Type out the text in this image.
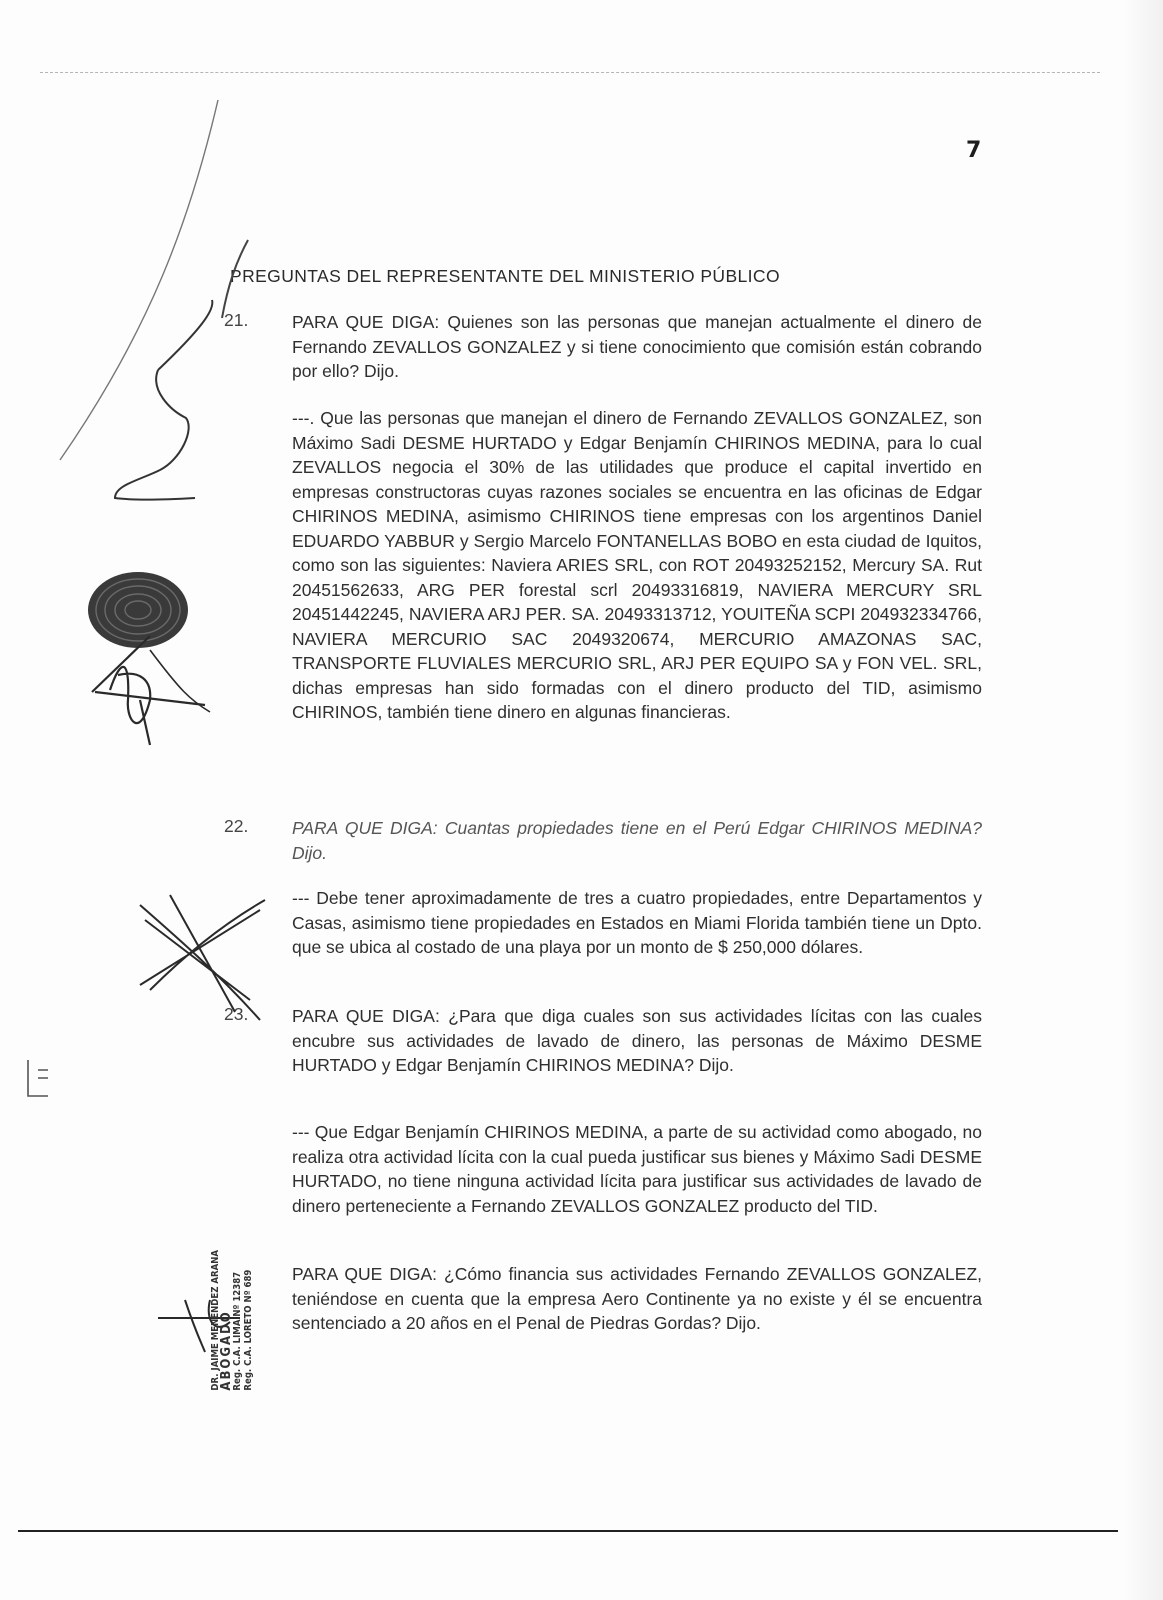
7
PREGUNTAS DEL REPRESENTANTE DEL MINISTERIO PÚBLICO
21. PARA QUE DIGA: Quienes son las personas que manejan actualmente el dinero de Fernando ZEVALLOS GONZALEZ y si tiene conocimiento que comisión están cobrando por ello? Dijo.

---. Que las personas que manejan el dinero de Fernando ZEVALLOS GONZALEZ, son Máximo Sadi DESME HURTADO y Edgar Benjamín CHIRINOS MEDINA, para lo cual ZEVALLOS negocia el 30% de las utilidades que produce el capital invertido en empresas constructoras cuyas razones sociales se encuentra en las oficinas de Edgar CHIRINOS MEDINA, asimismo CHIRINOS tiene empresas con los argentinos Daniel EDUARDO YABBUR y Sergio Marcelo FONTANELLAS BOBO en esta ciudad de Iquitos, como son las siguientes: Naviera ARIES SRL, con ROT 20493252152, Mercury SA. Rut 20451562633, ARG PER forestal scrl 20493316819, NAVIERA MERCURY SRL 20451442245, NAVIERA ARJ PER. SA. 20493313712, YOUITEÑA SCPI 204932334766, NAVIERA MERCURIO SAC 2049320674, MERCURIO AMAZONAS SAC, TRANSPORTE FLUVIALES MERCURIO SRL, ARJ PER EQUIPO SA y FON VEL. SRL, dichas empresas han sido formadas con el dinero producto del TID, asimismo CHIRINOS, también tiene dinero en algunas financieras.

22. PARA QUE DIGA: Cuantas propiedades tiene en el Perú Edgar CHIRINOS MEDINA? Dijo.

--- Debe tener aproximadamente de tres a cuatro propiedades, entre Departamentos y Casas, asimismo tiene propiedades en Estados en Miami Florida también tiene un Dpto. que se ubica al costado de una playa por un monto de $ 250,000 dólares.

23. PARA QUE DIGA: ¿Para que diga cuales son sus actividades lícitas con las cuales encubre sus actividades de lavado de dinero, las personas de Máximo DESME HURTADO y Edgar Benjamín CHIRINOS MEDINA? Dijo.

--- Que Edgar Benjamín CHIRINOS MEDINA, a parte de su actividad como abogado, no realiza otra actividad lícita con la cual pueda justificar sus bienes y Máximo Sadi DESME HURTADO, no tiene ninguna actividad lícita para justificar sus actividades de lavado de dinero perteneciente a Fernando ZEVALLOS GONZALEZ producto del TID.

PARA QUE DIGA: ¿Cómo financia sus actividades Fernando ZEVALLOS GONZALEZ, teniéndose en cuenta que la empresa Aero Continente ya no existe y él se encuentra sentenciado a 20 años en el Penal de Piedras Gordas? Dijo.

DR. JAIME MENENDEZ ARANA
ABOGADO
Reg. C.A. LIMA Nº 12387
Reg. C.A. LORETO Nº 689
